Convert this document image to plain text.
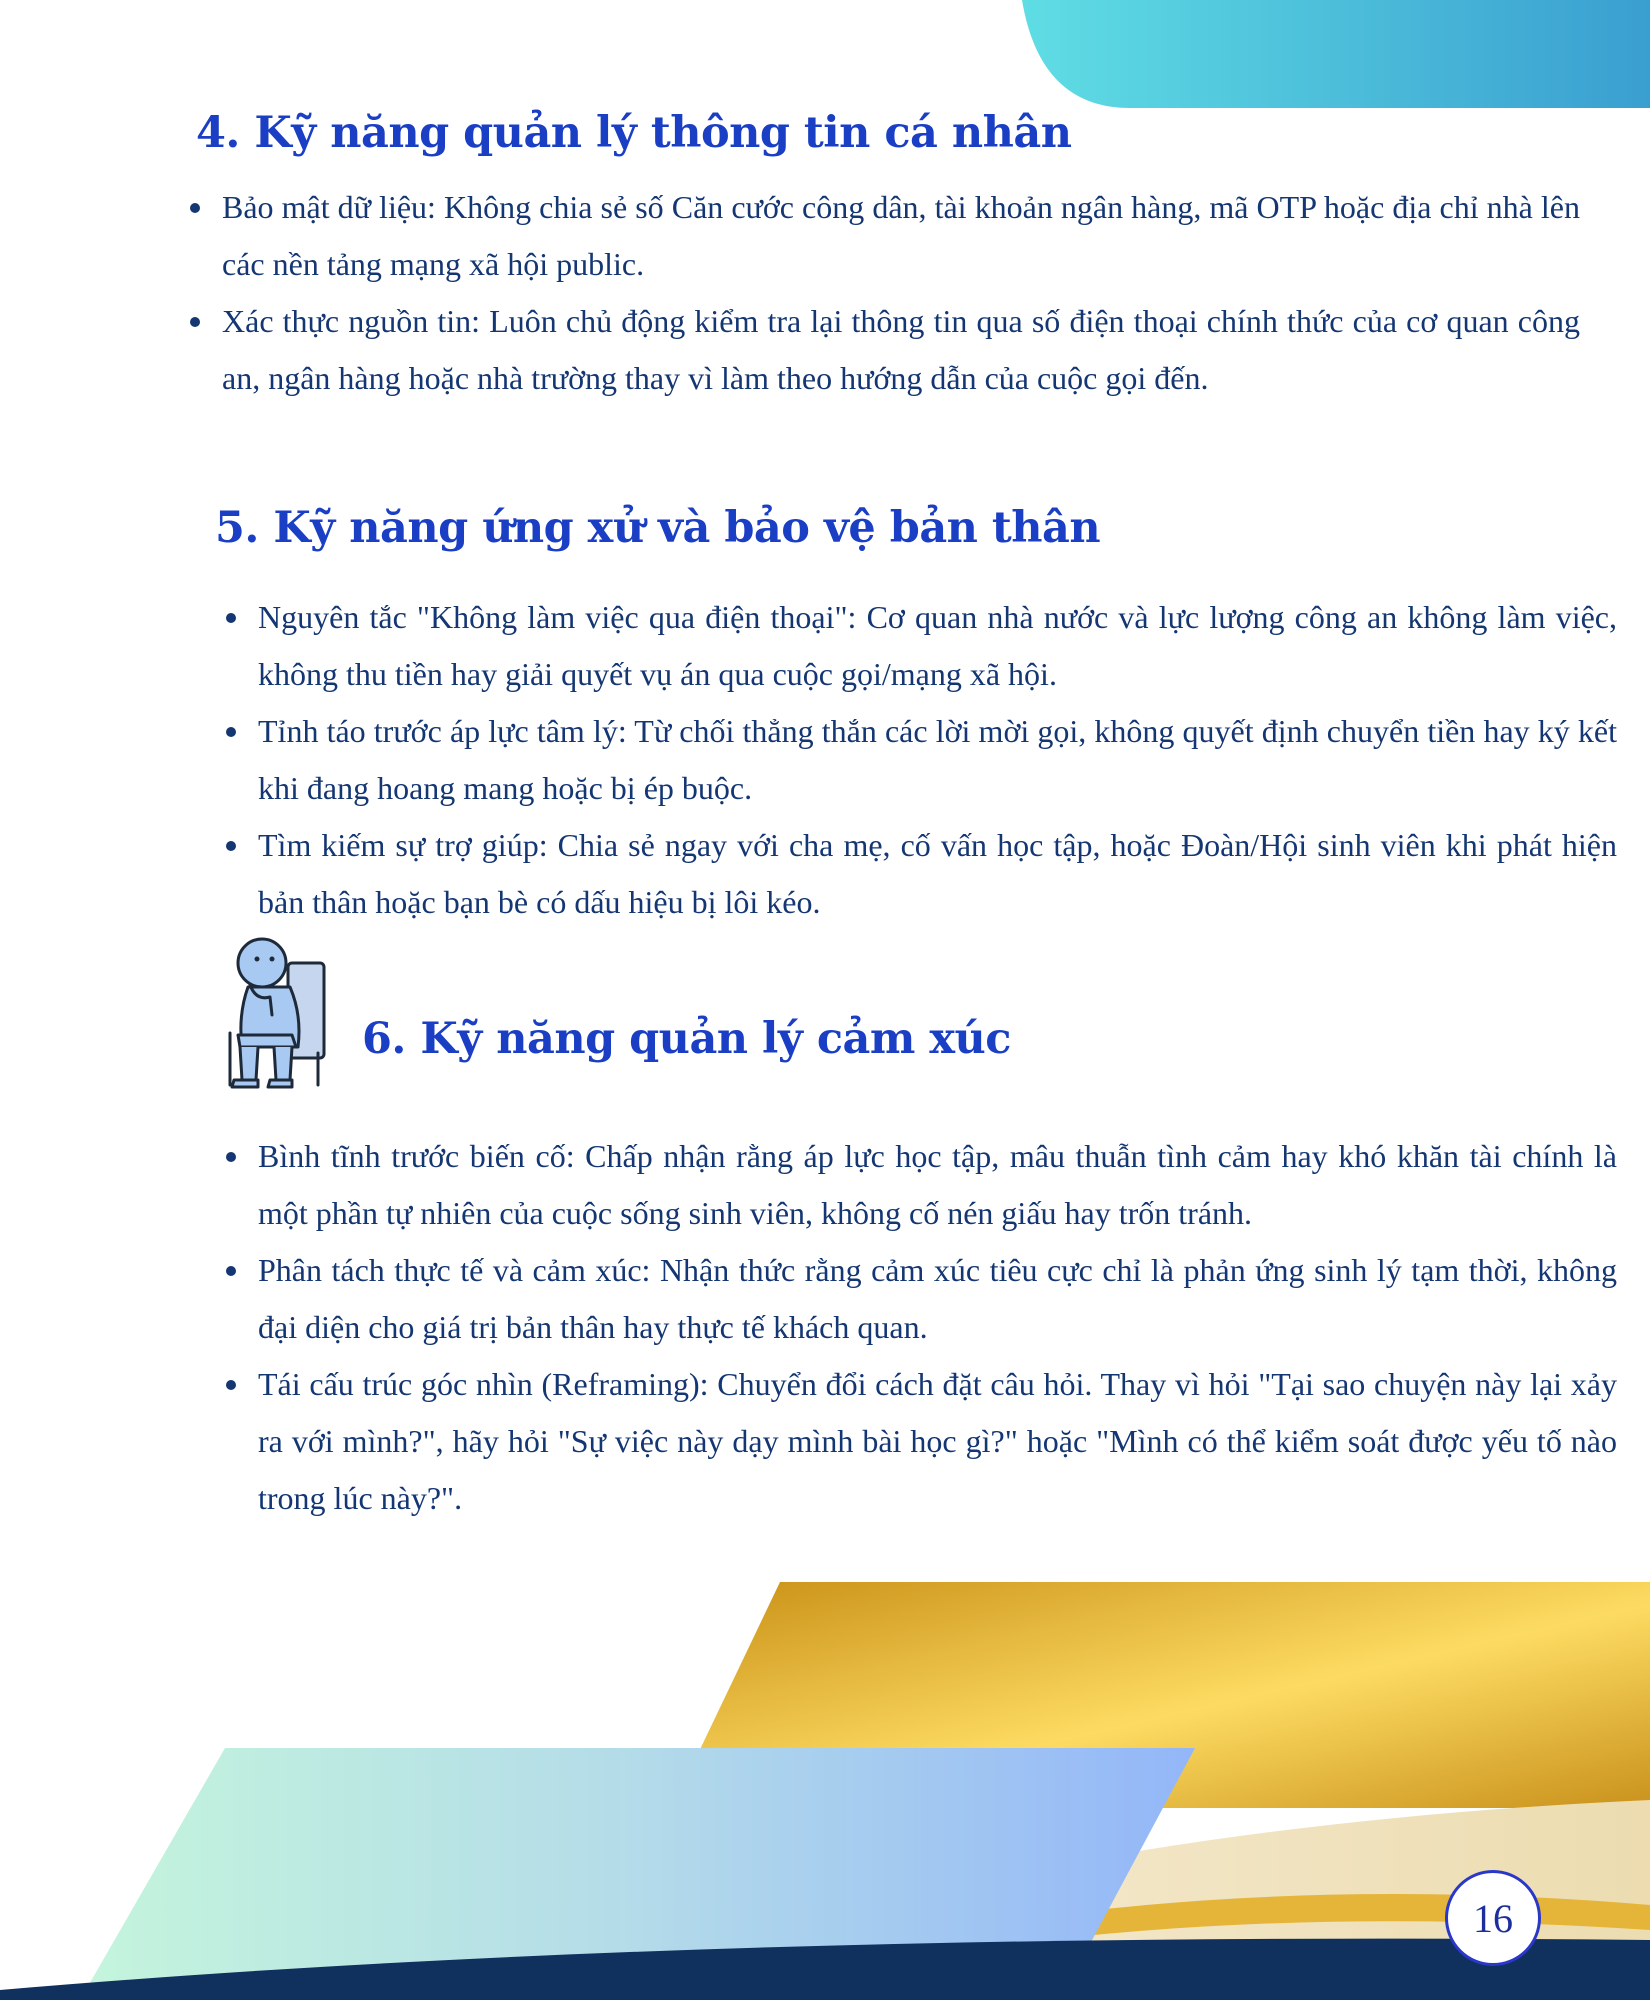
4. Kỹ năng quản lý thông tin cá nhân
Bảo mật dữ liệu: Không chia sẻ số Căn cước công dân, tài khoản ngân hàng, mã OTP hoặc địa chỉ nhà lên các nền tảng mạng xã hội public.
Xác thực nguồn tin: Luôn chủ động kiểm tra lại thông tin qua số điện thoại chính thức của cơ quan công an, ngân hàng hoặc nhà trường thay vì làm theo hướng dẫn của cuộc gọi đến.
5. Kỹ năng ứng xử và bảo vệ bản thân
Nguyên tắc "Không làm việc qua điện thoại": Cơ quan nhà nước và lực lượng công an không làm việc, không thu tiền hay giải quyết vụ án qua cuộc gọi/mạng xã hội.
Tỉnh táo trước áp lực tâm lý: Từ chối thẳng thắn các lời mời gọi, không quyết định chuyển tiền hay ký kết khi đang hoang mang hoặc bị ép buộc.
Tìm kiếm sự trợ giúp: Chia sẻ ngay với cha mẹ, cố vấn học tập, hoặc Đoàn/Hội sinh viên khi phát hiện bản thân hoặc bạn bè có dấu hiệu bị lôi kéo.
6. Kỹ năng quản lý cảm xúc
Bình tĩnh trước biến cố: Chấp nhận rằng áp lực học tập, mâu thuẫn tình cảm hay khó khăn tài chính là một phần tự nhiên của cuộc sống sinh viên, không cố nén giấu hay trốn tránh.
Phân tách thực tế và cảm xúc: Nhận thức rằng cảm xúc tiêu cực chỉ là phản ứng sinh lý tạm thời, không đại diện cho giá trị bản thân hay thực tế khách quan.
Tái cấu trúc góc nhìn (Reframing): Chuyển đổi cách đặt câu hỏi. Thay vì hỏi "Tại sao chuyện này lại xảy ra với mình?", hãy hỏi "Sự việc này dạy mình bài học gì?" hoặc "Mình có thể kiểm soát được yếu tố nào trong lúc này?".
16
